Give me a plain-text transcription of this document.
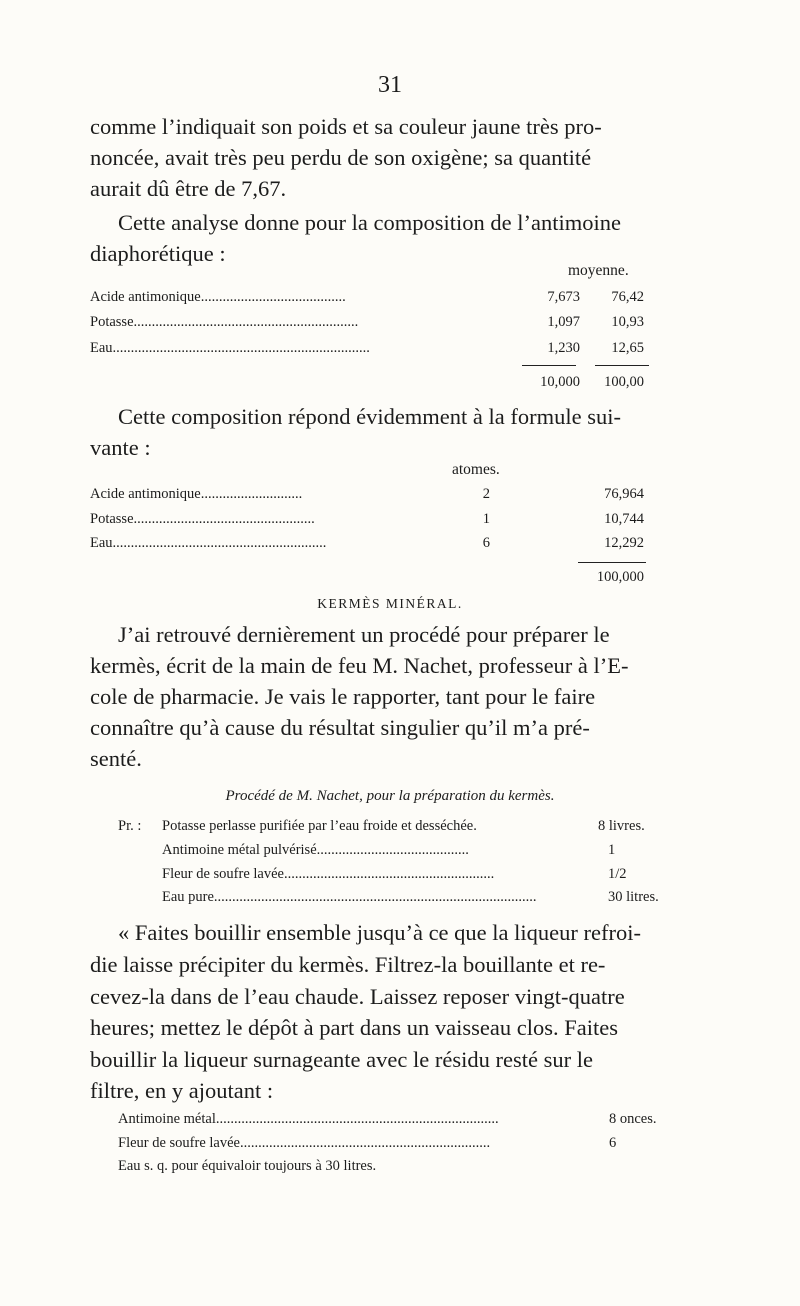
31
comme l’indiquait son poids et sa couleur jaune très pro-
noncée, avait très peu perdu de son oxigène; sa quantité
aurait dû être de 7,67.
Cette analyse donne pour la composition de l’antimoine
diaphorétique :
moyenne.
Acide antimonique........................................	7,673	76,42
Potasse..............................................................	1,097	10,93
Eau.......................................................................	1,230	12,65
10,000	100,00
Cette composition répond évidemment à la formule sui-
vante :
atomes.
Acide antimonique............................	2	76,964
Potasse..................................................	1	10,744
Eau...........................................................	6	12,292
100,000
KERMÈS MINÉRAL.
J’ai retrouvé dernièrement un procédé pour préparer le
kermès, écrit de la main de feu M. Nachet, professeur à l’E-
cole de pharmacie. Je vais le rapporter, tant pour le faire
connaître qu’à cause du résultat singulier qu’il m’a pré-
senté.
Procédé de M. Nachet, pour la préparation du kermès.
Pr. :	Potasse perlasse purifiée par l’eau froide et desséchée.	8 livres.
Antimoine métal pulvérisé..........................................	1
Fleur de soufre lavée..........................................................	1/2
Eau pure.........................................................................................	30 litres.
« Faites bouillir ensemble jusqu’à ce que la liqueur refroi-
die laisse précipiter du kermès. Filtrez-la bouillante et re-
cevez-la dans de l’eau chaude. Laissez reposer vingt-quatre
heures; mettez le dépôt à part dans un vaisseau clos. Faites
bouillir la liqueur surnageante avec le résidu resté sur le
filtre, en y ajoutant :
Antimoine métal..............................................................................	8 onces.
Fleur de soufre lavée.....................................................................	6
Eau s. q. pour équivaloir toujours à 30 litres.
